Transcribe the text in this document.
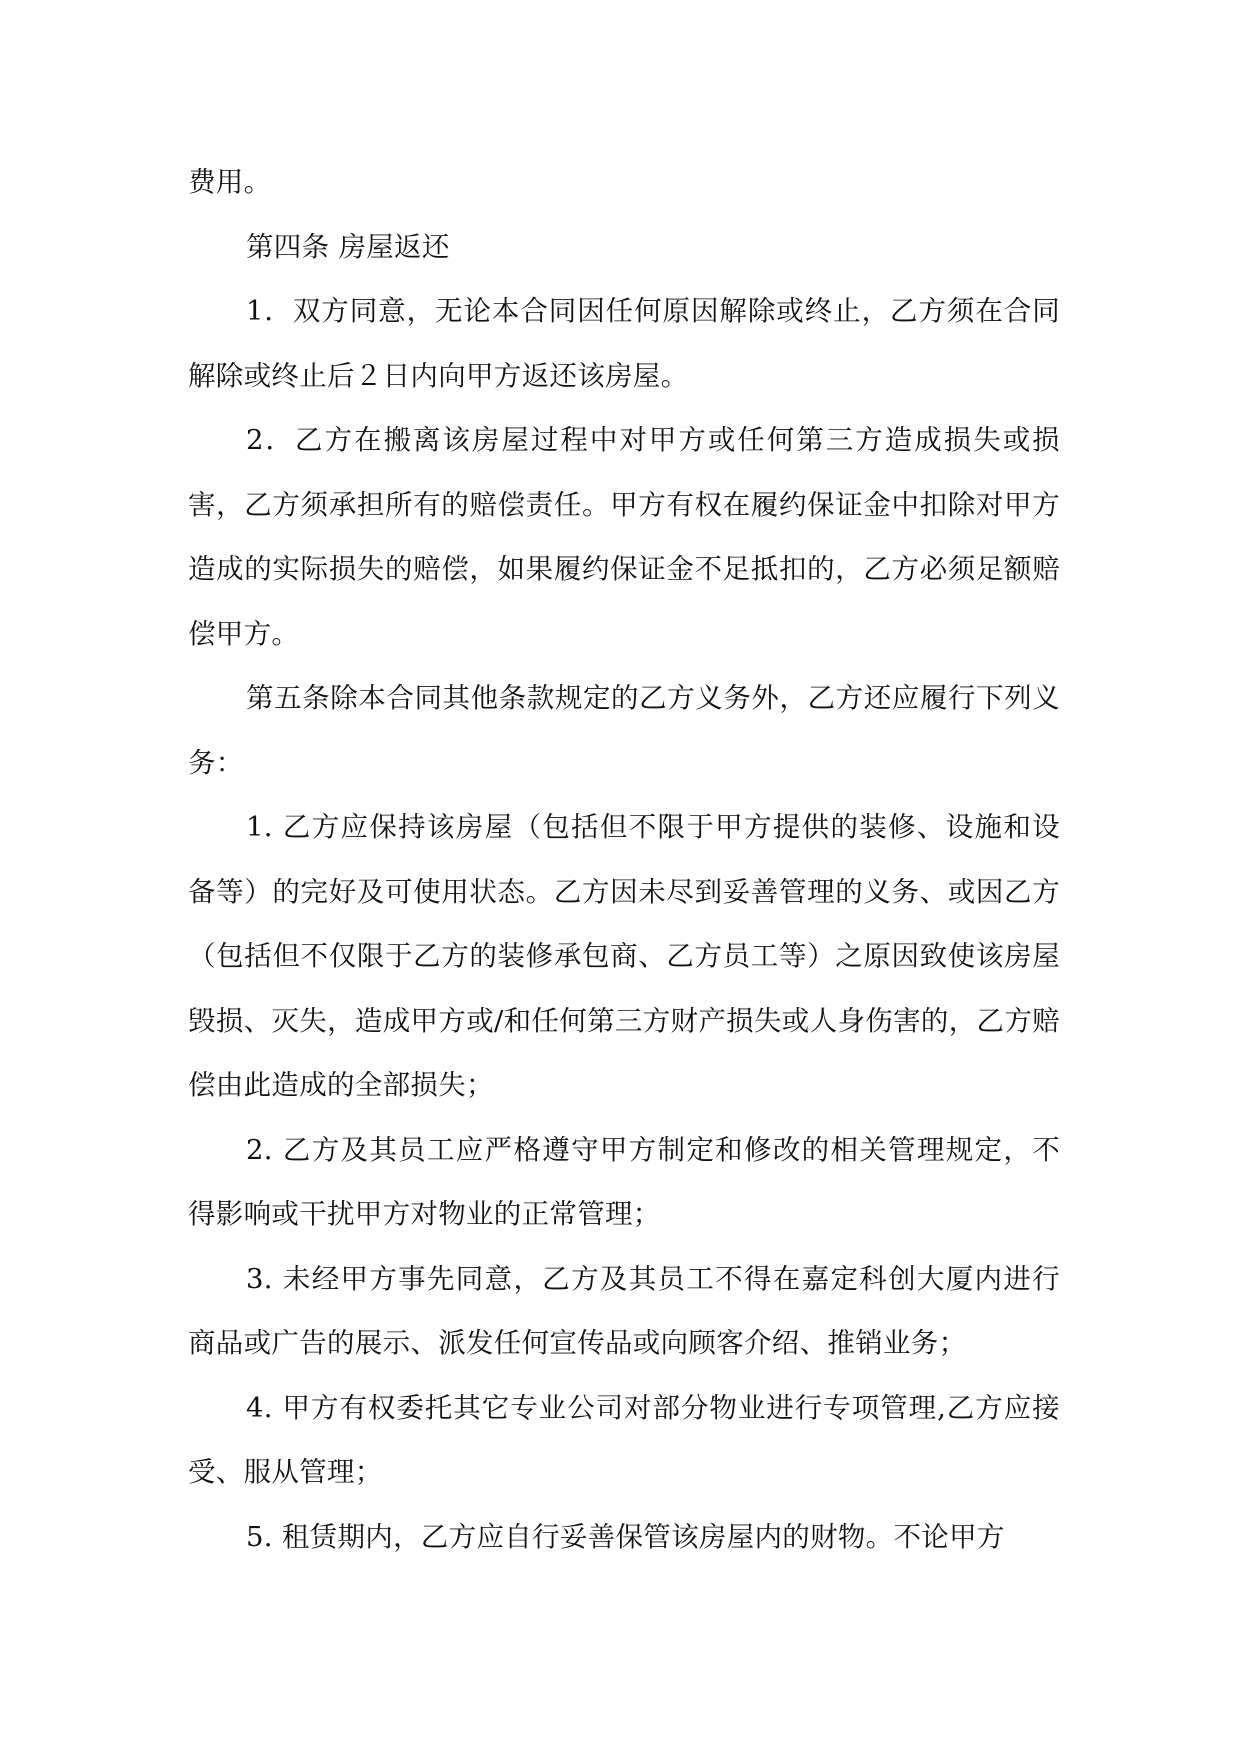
费用。

第四条 房屋返还

1．双方同意，无论本合同因任何原因解除或终止，乙方须在合同解除或终止后２日内向甲方返还该房屋。

2．乙方在搬离该房屋过程中对甲方或任何第三方造成损失或损害，乙方须承担所有的赔偿责任。甲方有权在履约保证金中扣除对甲方造成的实际损失的赔偿，如果履约保证金不足抵扣的，乙方必须足额赔偿甲方。

第五条除本合同其他条款规定的乙方义务外，乙方还应履行下列义务：

1. 乙方应保持该房屋（包括但不限于甲方提供的装修、设施和设备等）的完好及可使用状态。乙方因未尽到妥善管理的义务、或因乙方（包括但不仅限于乙方的装修承包商、乙方员工等）之原因致使该房屋毁损、灭失，造成甲方或/和任何第三方财产损失或人身伤害的，乙方赔偿由此造成的全部损失；

2. 乙方及其员工应严格遵守甲方制定和修改的相关管理规定，不得影响或干扰甲方对物业的正常管理；

3. 未经甲方事先同意，乙方及其员工不得在嘉定科创大厦内进行商品或广告的展示、派发任何宣传品或向顾客介绍、推销业务；

4. 甲方有权委托其它专业公司对部分物业进行专项管理,乙方应接受、服从管理；

5. 租赁期内，乙方应自行妥善保管该房屋内的财物。不论甲方
